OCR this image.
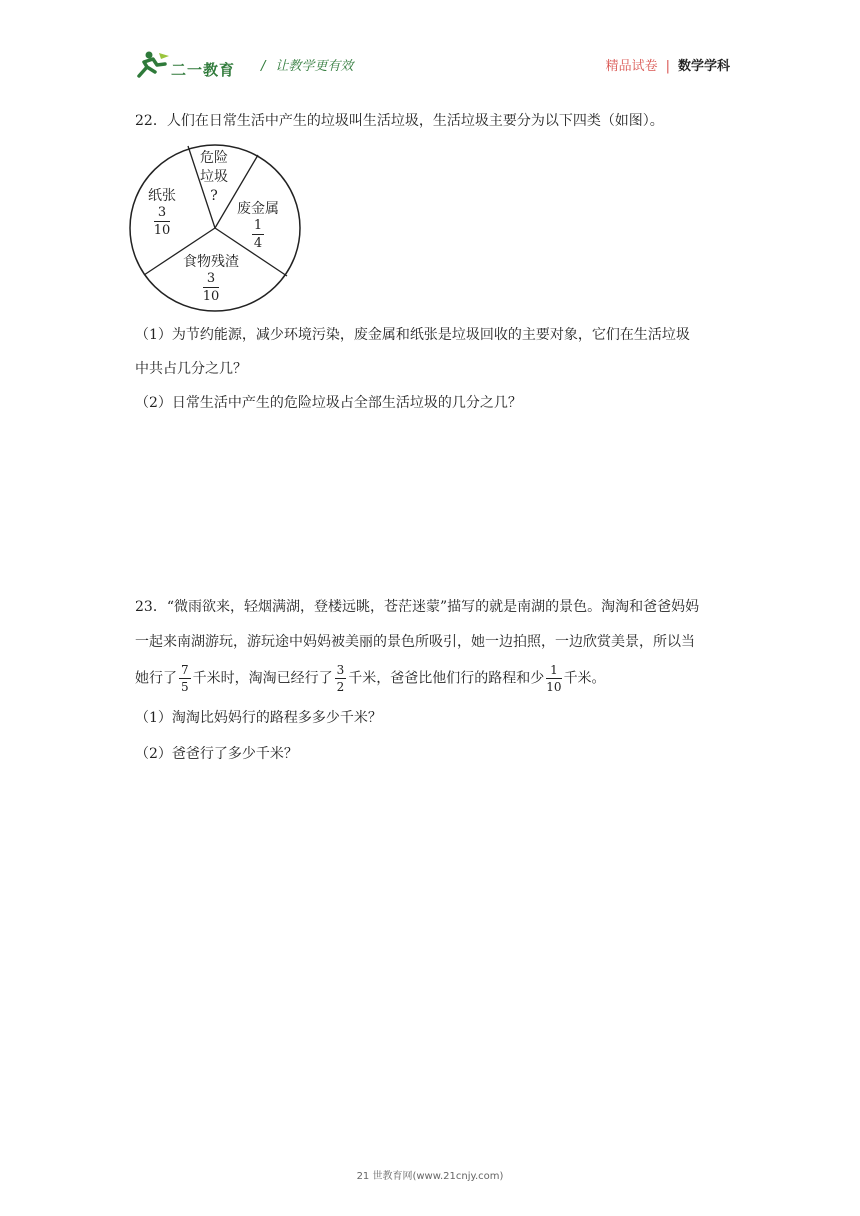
二一教育 / 让教学更有效	精品试卷 | 数学学科
22．人们在日常生活中产生的垃圾叫生活垃圾，生活垃圾主要分为以下四类（如图）。
危险
垃圾
?
纸张

$\frac{3}{10}$	废金属

$\frac{1}{4}$
食物残渣

$\frac{3}{10}$
（1）为节约能源，减少环境污染，废金属和纸张是垃圾回收的主要对象，它们在生活垃圾
中共占几分之几？
（2）日常生活中产生的危险垃圾占全部生活垃圾的几分之几？
23．“微雨欲来，轻烟满湖，登楼远眺，苍茫迷蒙”描写的就是南湖的景色。淘淘和爸爸妈妈
一起来南湖游玩，游玩途中妈妈被美丽的景色所吸引，她一边拍照，一边欣赏美景，所以当
她行了 $\frac{7}{5}$ 千米时，淘淘已经行了 $\frac{3}{2}$ 千米，爸爸比他们行的路程和少 $\frac{1}{10}$ 千米。
（1）淘淘比妈妈行的路程多多少千米？
（2）爸爸行了多少千米？
21 世教育网(www.21cnjy.com)
